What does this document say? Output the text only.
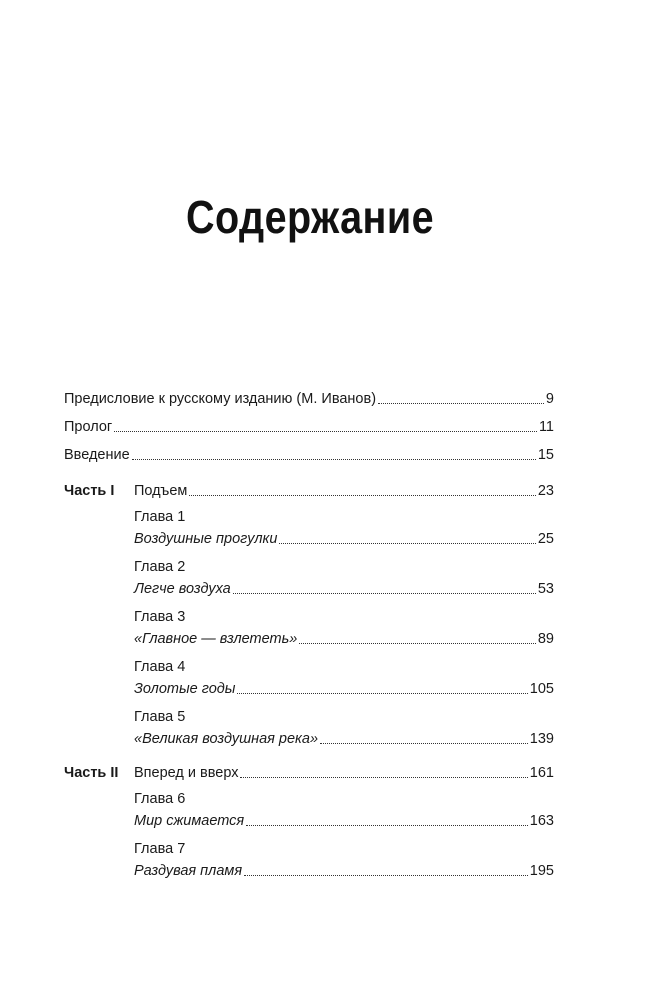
Содержание
Предисловие к русскому изданию (М. Иванов)	9
Пролог	11
Введение	15
Часть I	Подъем	23
Глава 1
Воздушные прогулки	25
Глава 2
Легче воздуха	53
Глава 3
«Главное — взлететь»	89
Глава 4
Золотые годы	105
Глава 5
«Великая воздушная река»	139
Часть II	Вперед и вверх	161
Глава 6
Мир сжимается	163
Глава 7
Раздувая пламя	195
